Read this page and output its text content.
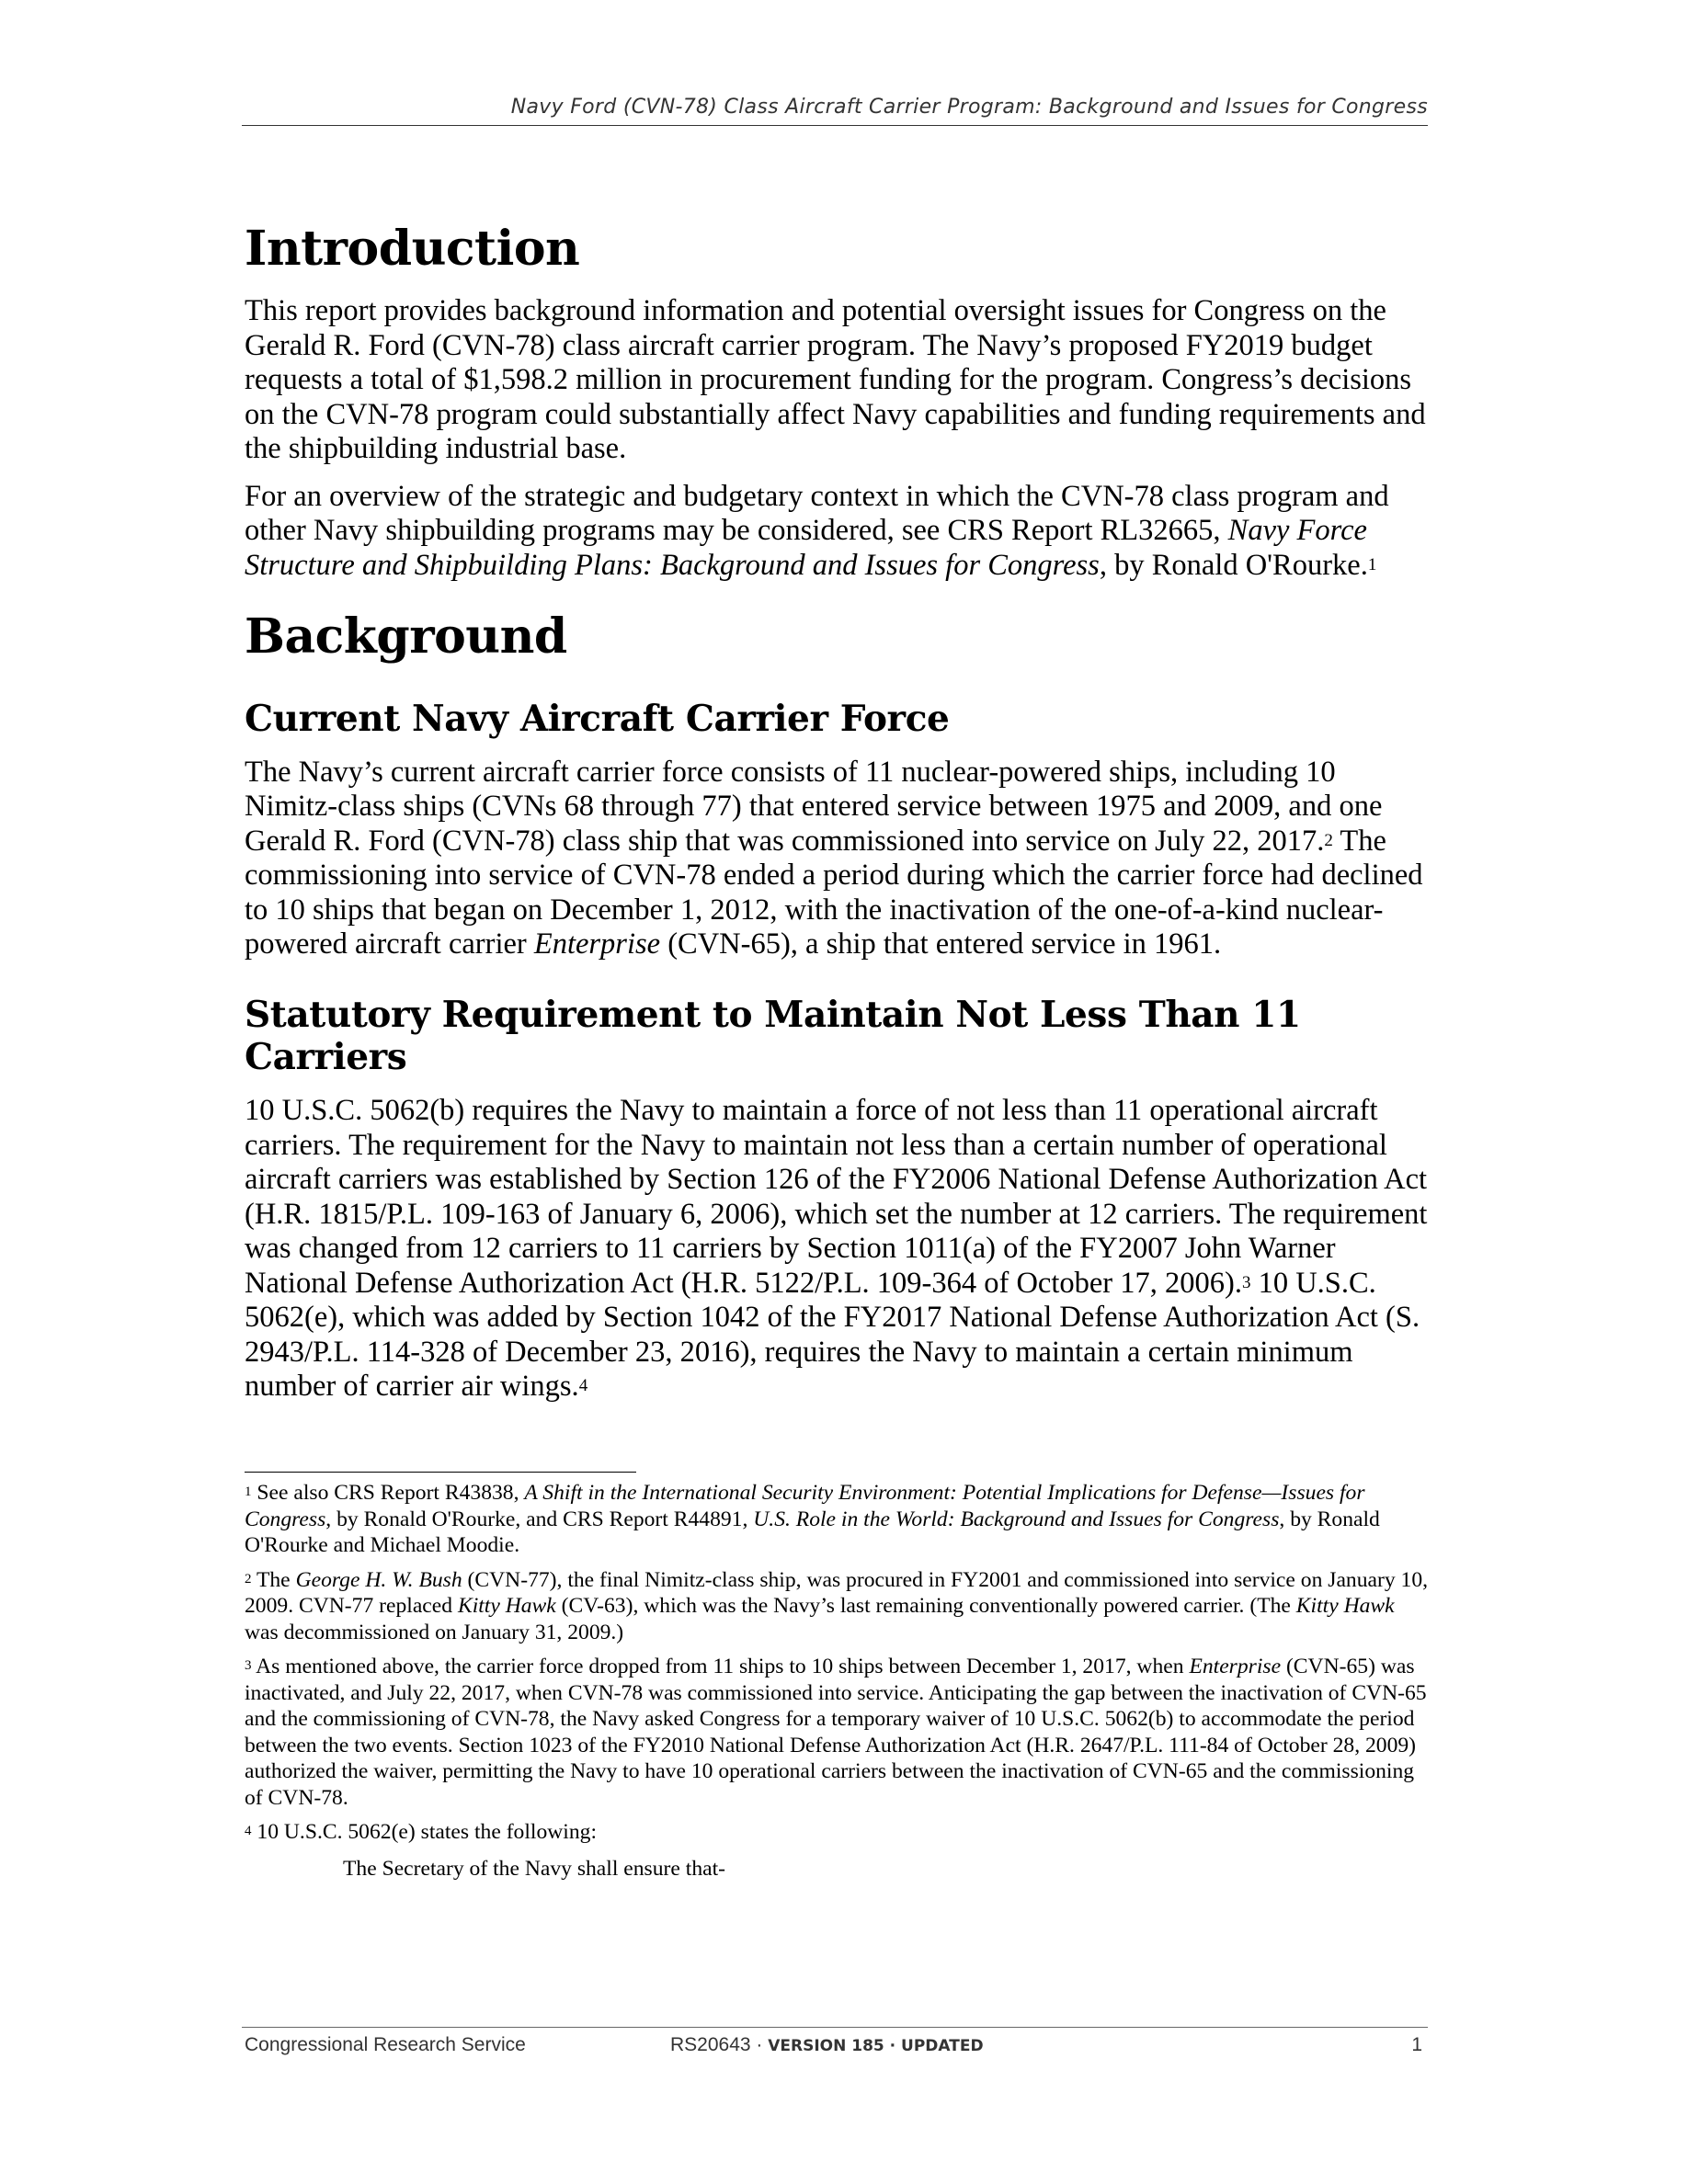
Navy Ford (CVN-78) Class Aircraft Carrier Program: Background and Issues for Congress
Introduction

This report provides background information and potential oversight issues for Congress on the Gerald R. Ford (CVN-78) class aircraft carrier program. The Navy’s proposed FY2019 budget requests a total of $1,598.2 million in procurement funding for the program. Congress’s decisions on the CVN-78 program could substantially affect Navy capabilities and funding requirements and the shipbuilding industrial base.

For an overview of the strategic and budgetary context in which the CVN-78 class program and other Navy shipbuilding programs may be considered, see CRS Report RL32665, Navy Force Structure and Shipbuilding Plans: Background and Issues for Congress, by Ronald O'Rourke.$^1$

Background
Current Navy Aircraft Carrier Force

The Navy’s current aircraft carrier force consists of 11 nuclear-powered ships, including 10 Nimitz-class ships (CVNs 68 through 77) that entered service between 1975 and 2009, and one Gerald R. Ford (CVN-78) class ship that was commissioned into service on July 22, 2017.$^2$ The commissioning into service of CVN-78 ended a period during which the carrier force had declined to 10 ships that began on December 1, 2012, with the inactivation of the one-of-a-kind nuclear-powered aircraft carrier Enterprise (CVN-65), a ship that entered service in 1961.

Statutory Requirement to Maintain Not Less Than 11 Carriers

10 U.S.C. 5062(b) requires the Navy to maintain a force of not less than 11 operational aircraft carriers. The requirement for the Navy to maintain not less than a certain number of operational aircraft carriers was established by Section 126 of the FY2006 National Defense Authorization Act (H.R. 1815/P.L. 109-163 of January 6, 2006), which set the number at 12 carriers. The requirement was changed from 12 carriers to 11 carriers by Section 1011(a) of the FY2007 John Warner National Defense Authorization Act (H.R. 5122/P.L. 109-364 of October 17, 2006).$^3$ 10 U.S.C. 5062(e), which was added by Section 1042 of the FY2017 National Defense Authorization Act (S. 2943/P.L. 114-328 of December 23, 2016), requires the Navy to maintain a certain minimum number of carrier air wings.$^4$

$^1$ See also CRS Report R43838, A Shift in the International Security Environment: Potential Implications for Defense—Issues for Congress, by Ronald O'Rourke, and CRS Report R44891, U.S. Role in the World: Background and Issues for Congress, by Ronald O'Rourke and Michael Moodie.

$^2$ The George H. W. Bush (CVN-77), the final Nimitz-class ship, was procured in FY2001 and commissioned into service on January 10, 2009. CVN-77 replaced Kitty Hawk (CV-63), which was the Navy’s last remaining conventionally powered carrier. (The Kitty Hawk was decommissioned on January 31, 2009.)

$^3$ As mentioned above, the carrier force dropped from 11 ships to 10 ships between December 1, 2017, when Enterprise (CVN-65) was inactivated, and July 22, 2017, when CVN-78 was commissioned into service. Anticipating the gap between the inactivation of CVN-65 and the commissioning of CVN-78, the Navy asked Congress for a temporary waiver of 10 U.S.C. 5062(b) to accommodate the period between the two events. Section 1023 of the FY2010 National Defense Authorization Act (H.R. 2647/P.L. 111-84 of October 28, 2009) authorized the waiver, permitting the Navy to have 10 operational carriers between the inactivation of CVN-65 and the commissioning of CVN-78.

$^4$ 10 U.S.C. 5062(e) states the following:

The Secretary of the Navy shall ensure that-

Congressional Research Service	RS20643 · VERSION 185 · UPDATED	1
